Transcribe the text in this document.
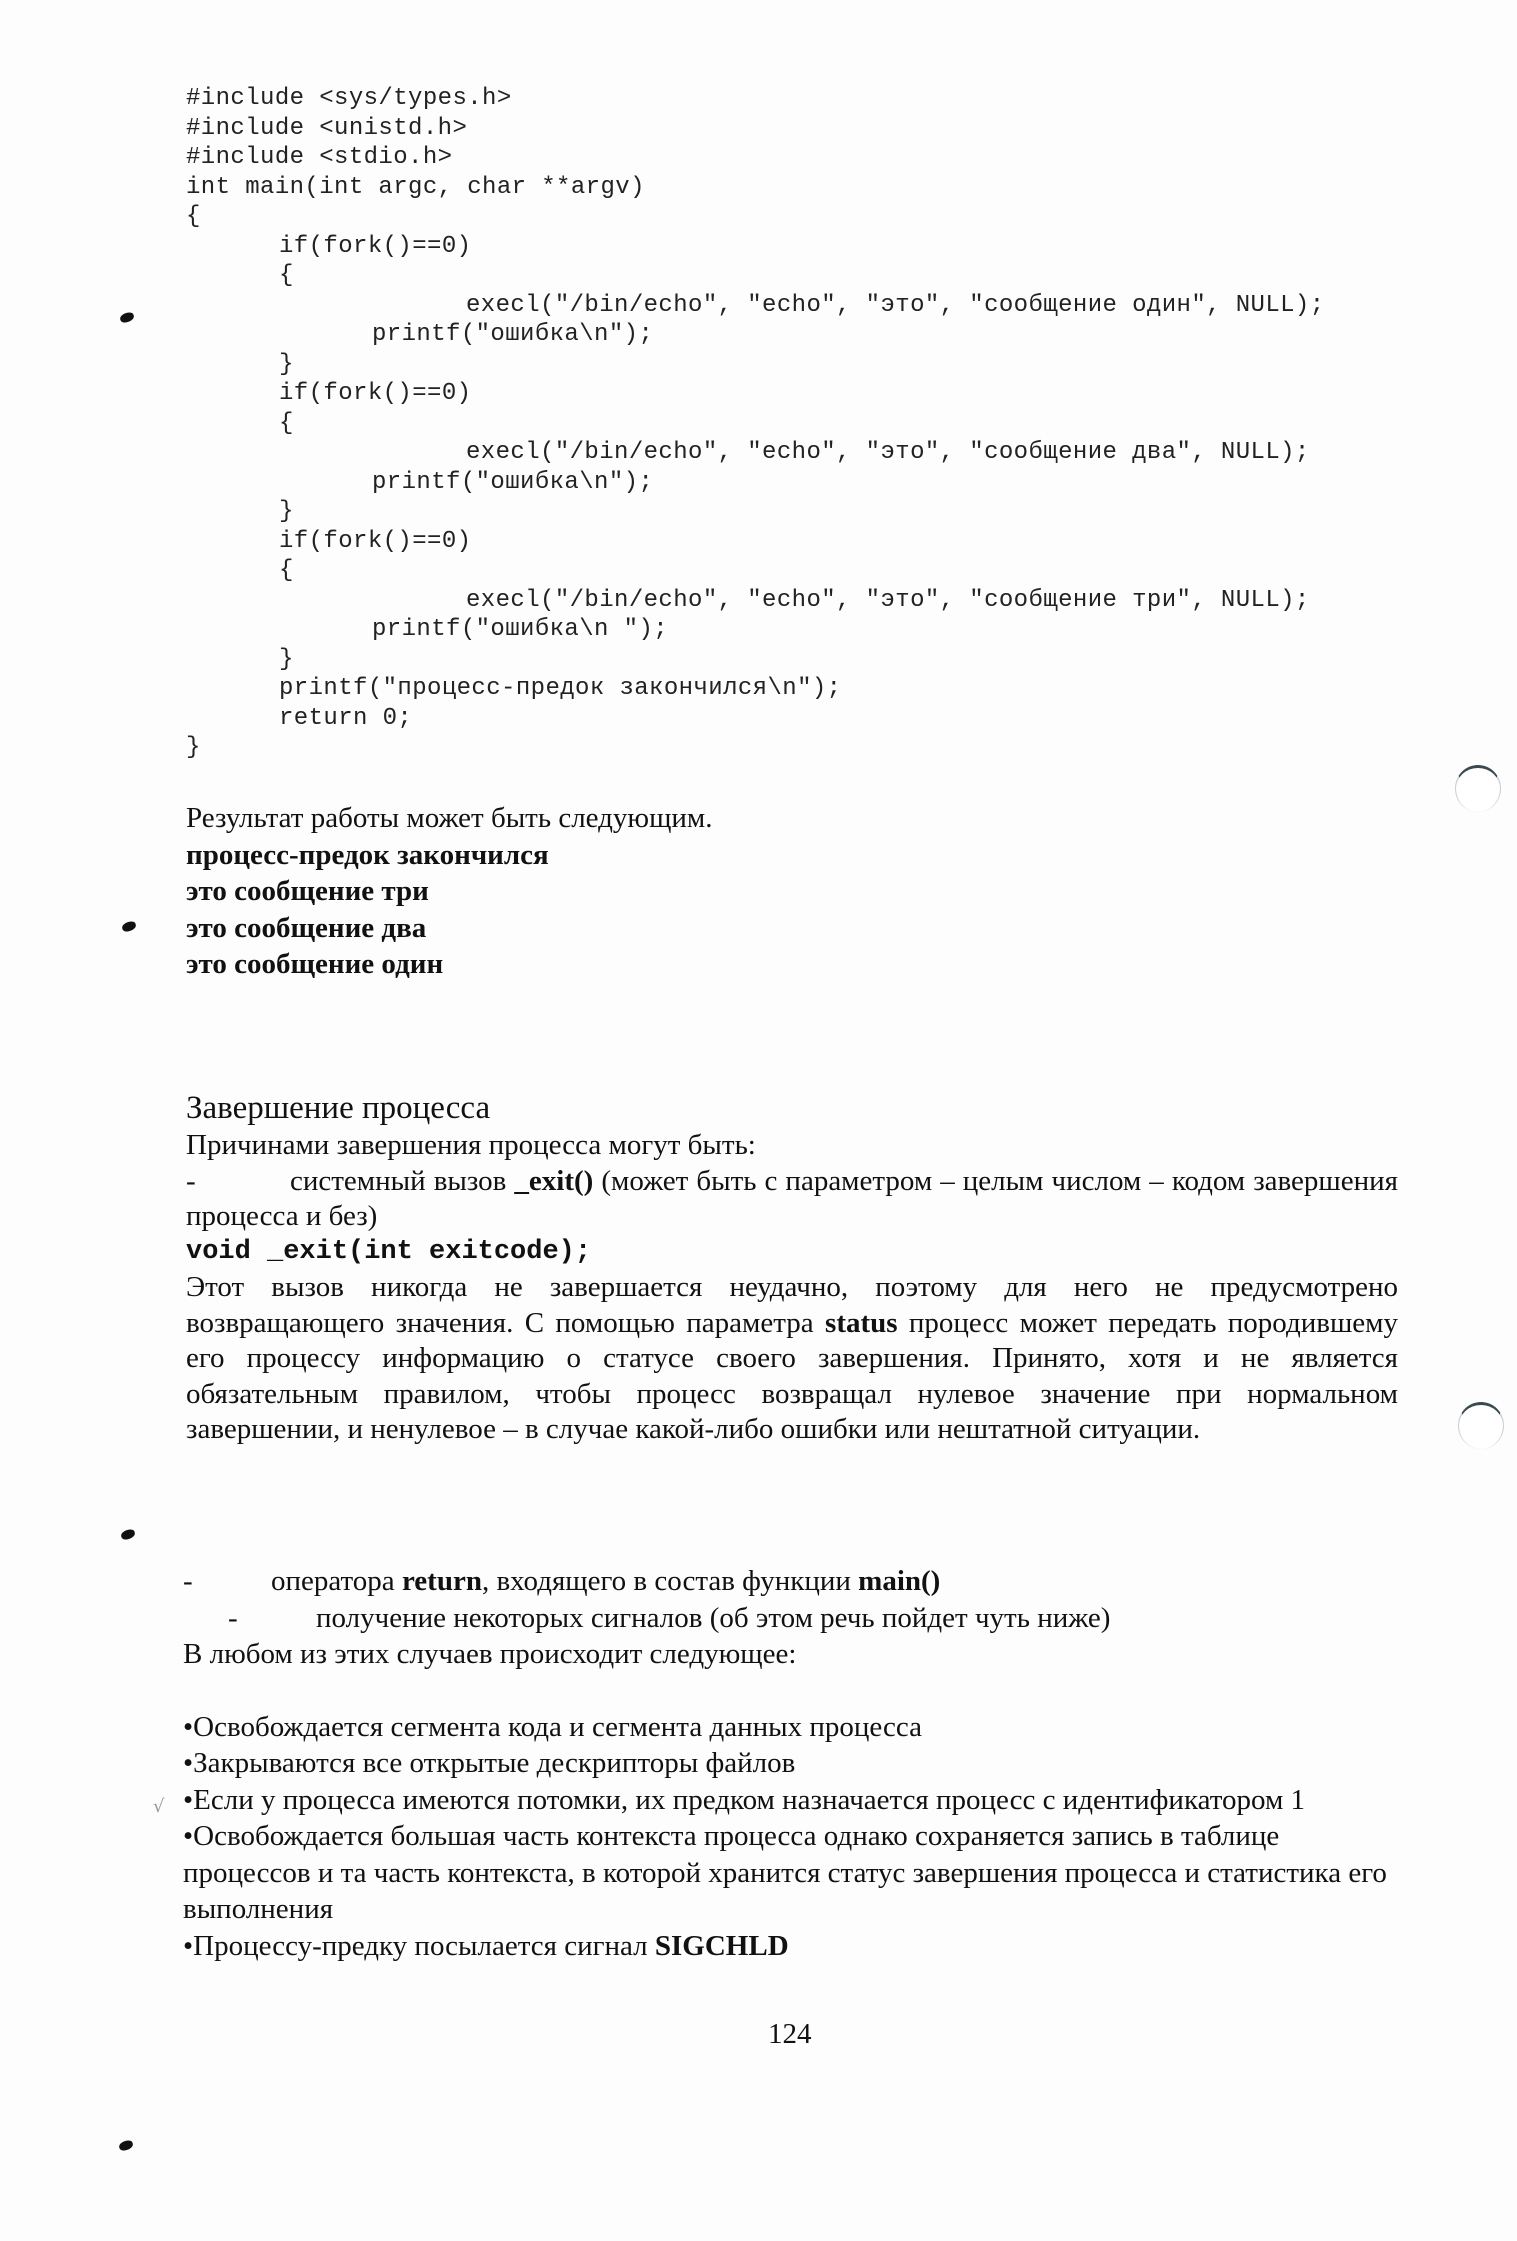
#include <sys/types.h>
#include <unistd.h>
#include <stdio.h>
int main(int argc, char **argv)
{
if(fork()==0)
{
execl("/bin/echo", "echo", "это", "сообщение один", NULL);
printf("ошибка\n");
}
if(fork()==0)
{
execl("/bin/echo", "echo", "это", "сообщение два", NULL);
printf("ошибка\n");
}
if(fork()==0)
{
execl("/bin/echo", "echo", "это", "сообщение три", NULL);
printf("ошибка\n ");
}
printf("процесс-предок закончился\n");
return 0;
}
Результат работы может быть следующим.
процесс-предок закончился
это сообщение три
это сообщение два
это сообщение один
Завершение процесса

Причинами завершения процесса могут быть:

-	системный вызов _exit() (может быть с параметром – целым числом – кодом завершения процесса и без)

void _exit(int exitcode);

Этот вызов никогда не завершается неудачно, поэтому для него не предусмотрено возвращающего значения. С помощью параметра status процесс может передать породившему его процессу информацию о статусе своего завершения. Принято, хотя и не является обязательным правилом, чтобы процесс возвращал нулевое значение при нормальном завершении, и ненулевое – в случае какой-либо ошибки или нештатной ситуации.

-	оператора return, входящего в состав функции main()

-	получение некоторых сигналов (об этом речь пойдет чуть ниже)

В любом из этих случаев происходит следующее:

•Освобождается сегмента кода и сегмента данных процесса

•Закрываются все открытые дескрипторы файлов

•Если у процесса имеются потомки, их предком назначается процесс с идентификатором 1

•Освобождается большая часть контекста процесса однако сохраняется запись в таблице процессов и та часть контекста, в которой хранится статус завершения процесса и статистика его выполнения

•Процессу-предку посылается сигнал SIGCHLD

124
√
